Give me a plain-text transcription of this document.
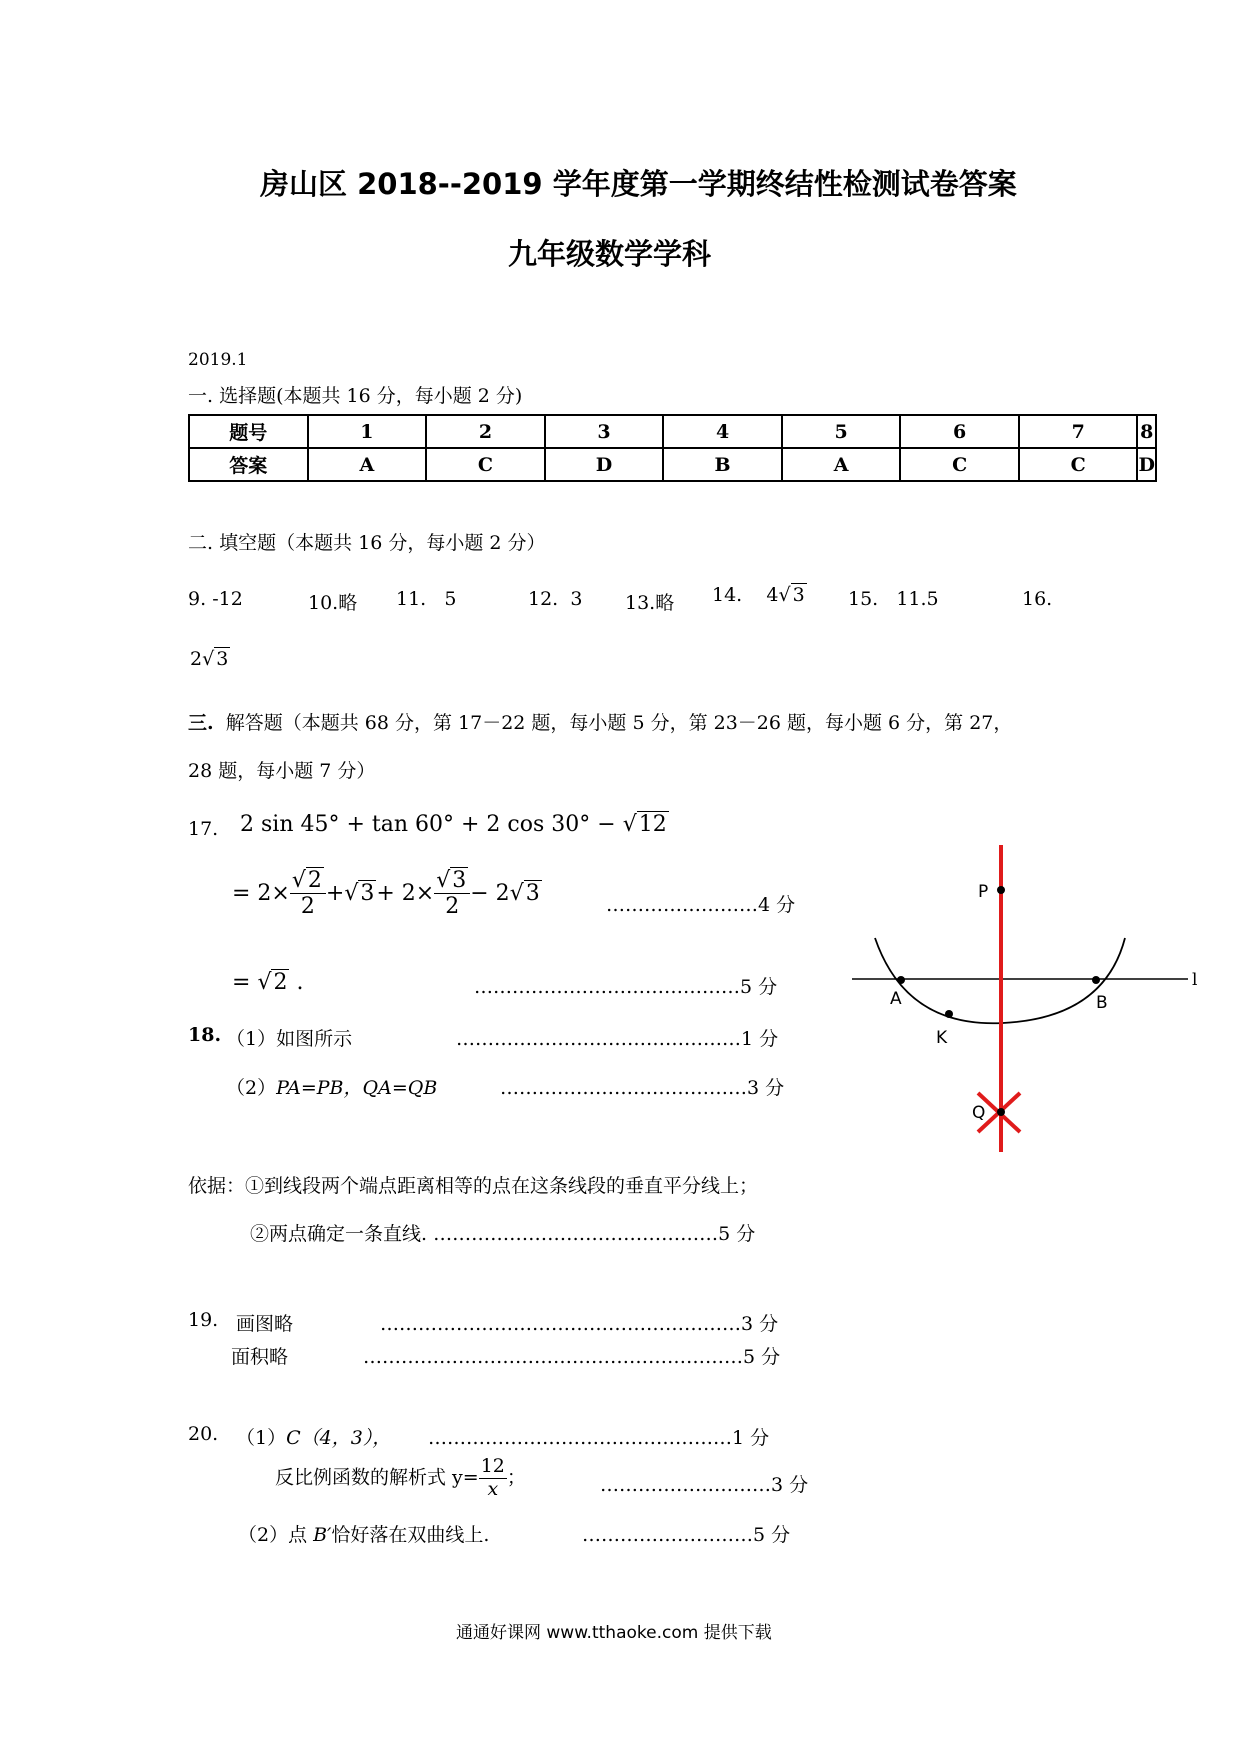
房山区 2018--2019 学年度第一学期终结性检测试卷答案
九年级数学学科
2019.1
一. 选择题(本题共 16 分，每小题 2 分)
题号	1	2	3	4	5	6	7	8
答案	A	C	D	B	A	C	C	D
二. 填空题（本题共 16 分，每小题 2 分）
9. -12	10.略 11. 5	12. 3 13.略 14. 4√ 3 15. 11.5	16.
2√ 3
三. 解答题（本题共 68 分，第 17－22 题，每小题 5 分，第 23－26 题，每小题 6 分，第 27，
28 题，每小题 7 分）
17. 2 sin 45° + tan 60° + 2 cos 30° − √12
= $2\times \frac{√2}{2} +√3+ 2\times \frac{√3}{2} - 2√3$	……………………4 分
= √2 .	……………………………………5 分
18. （1）如图所示	………………………………………1 分
（2）PA=PB，QA=QB	…………………………………3 分
依据：①到线段两个端点距离相等的点在这条线段的垂直平分线上；
②两点确定一条直线. ………………………………………5 分
P
A	B
K
Q
l
19. 画图略	…………………………………………………3 分
面积略	……………………………………………………5 分
20. （1）C（4，3）， …………………………………………1 分
反比例函数的解析式 $y= \frac{12}{x}$ ；	………………………3 分
（2）点 B′恰好落在双曲线上.	………………………5 分
通通好课网 www.tthaoke.com 提供下载
